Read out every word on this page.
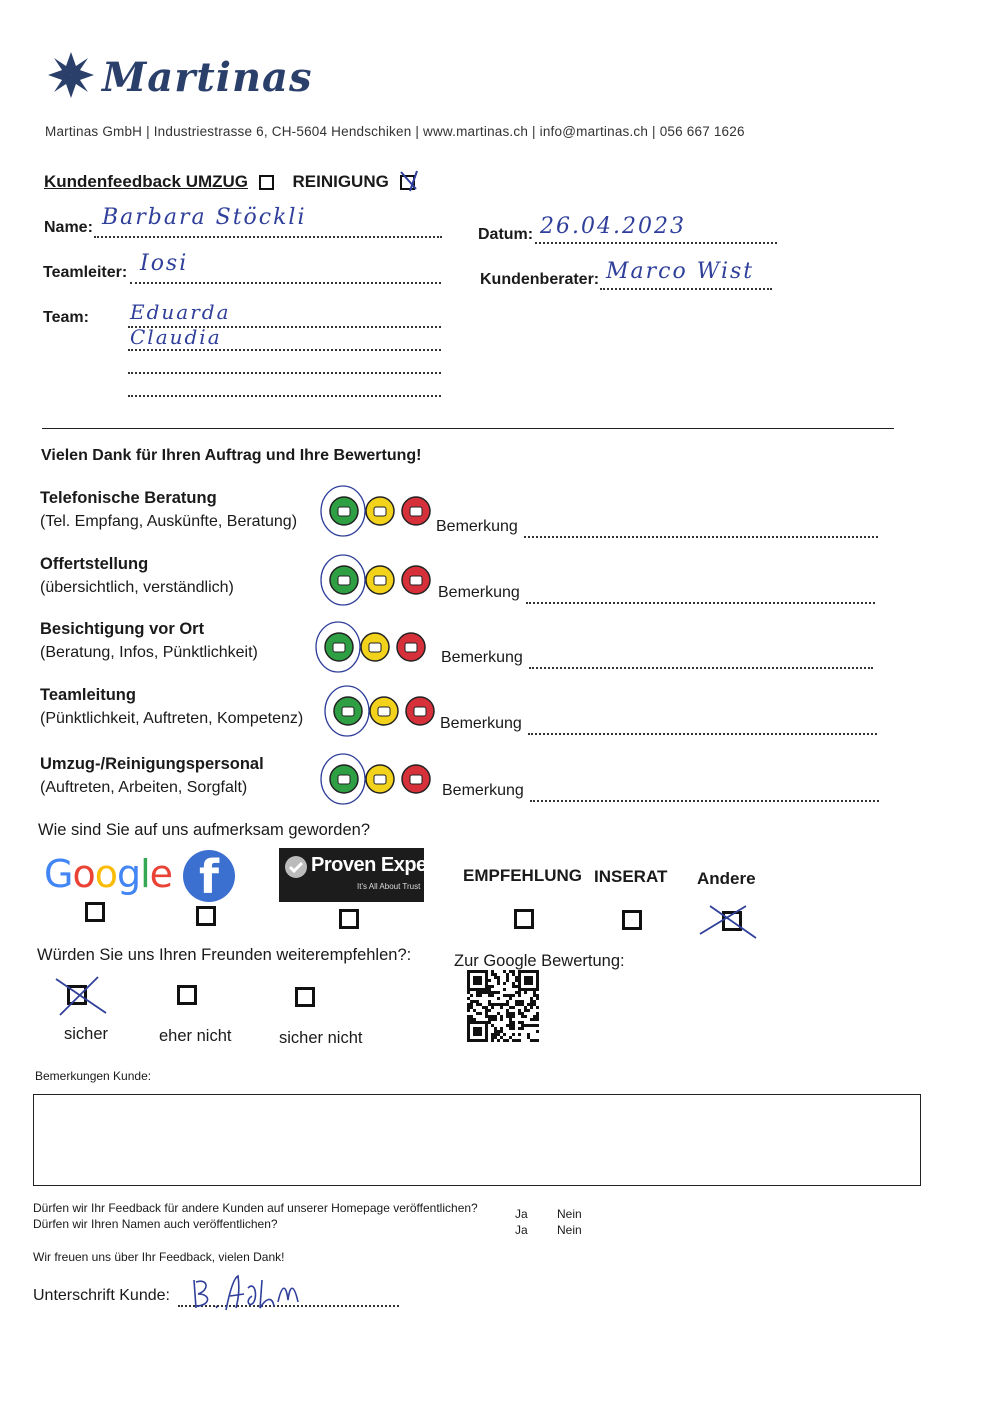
Martinas
Martinas GmbH | Industriestrasse 6, CH-5604 Hendschiken | www.martinas.ch | info@martinas.ch | 056 667 1626
Kundenfeedback UMZUG	REINIGUNG
Name: Barbara Stöckli
Datum: 26.04.2023
Teamleiter: Iosi
Kundenberater: Marco Wist
Team: Eduarda
Claudia
Vielen Dank für Ihren Auftrag und Ihre Bewertung!
Telefonische Beratung
(Tel. Empfang, Auskünfte, Beratung)	Bemerkung
Offertstellung
(übersichtlich, verständlich)	Bemerkung
Besichtigung vor Ort
(Beratung, Infos, Pünktlichkeit)	Bemerkung
Teamleitung
(Pünktlichkeit, Auftreten, Kompetenz)	Bemerkung
Umzug-/Reinigungspersonal
(Auftreten, Arbeiten, Sorgfalt)	Bemerkung
Wie sind Sie auf uns aufmerksam geworden?
Google f	Proven Expert
It's All About Trust
EMPFEHLUNG INSERAT Andere
Würden Sie uns Ihren Freunden weiterempfehlen?:	Zur Google Bewertung:
sicher	eher nicht	sicher nicht
Bemerkungen Kunde:
Dürfen wir Ihr Feedback für andere Kunden auf unserer Homepage veröffentlichen?
Dürfen wir Ihren Namen auch veröffentlichen?
Ja Nein
Ja Nein
Wir freuen uns über Ihr Feedback, vielen Dank!
Unterschrift Kunde:
